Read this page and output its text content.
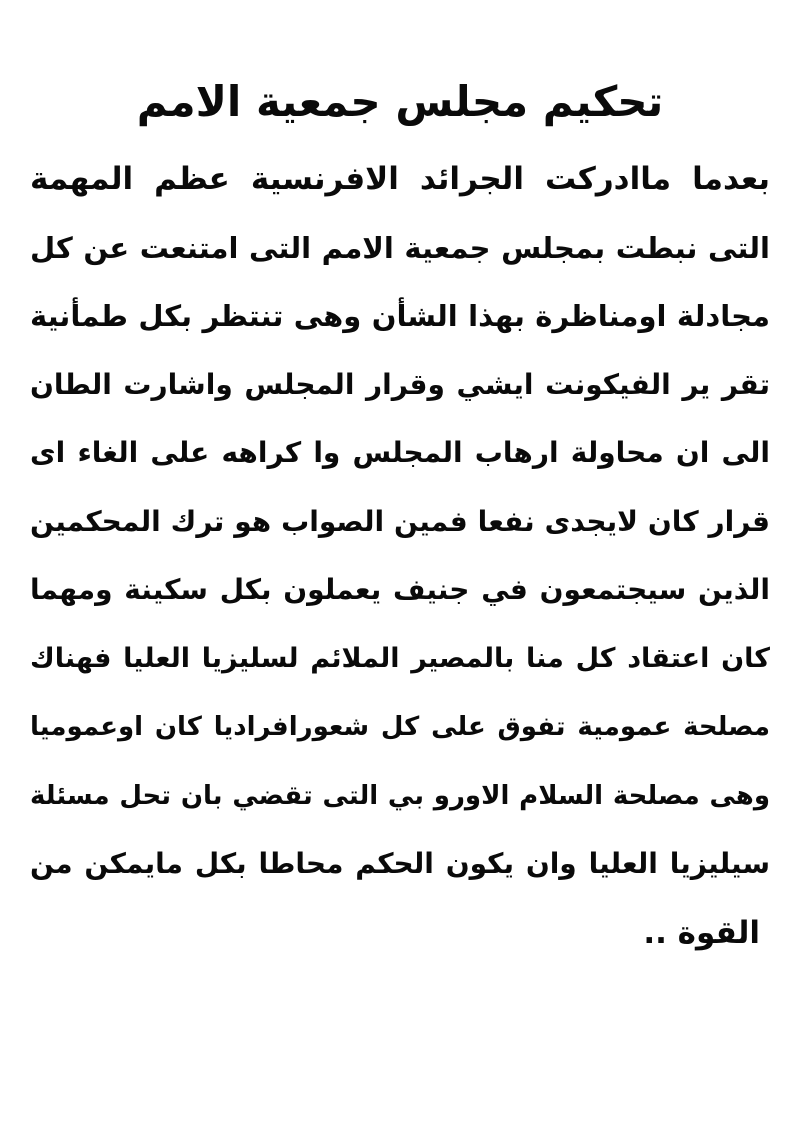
تحكيم مجلس جمعية الامم
بعدما ماادركت الجرائد الافرنسية عظم المهمة
التى نبطت بمجلس جمعية الامم التى امتنعت عن كل
مجادلة اومناظرة بهذا الشأن وهى تنتظر بكل طمأنية
تقر ير الفيكونت ايشي وقرار المجلس واشارت الطان
الى ان محاولة ارهاب المجلس وا كراهه على الغاء اى
قرار كان لايجدى نفعا فمين الصواب هو ترك المحكمين
الذين سيجتمعون في جنيف يعملون بكل سكينة ومهما
كان اعتقاد كل منا بالمصير الملائم لسليزيا العليا فهناك
مصلحة عمومية تفوق على كل شعورافراديا كان اوعموميا
وهى مصلحة السلام الاورو بي التى تقضي بان تحل مسئلة
سيليزيا العليا وان يكون الحكم محاطا بكل مايمكن من
القوة ..
